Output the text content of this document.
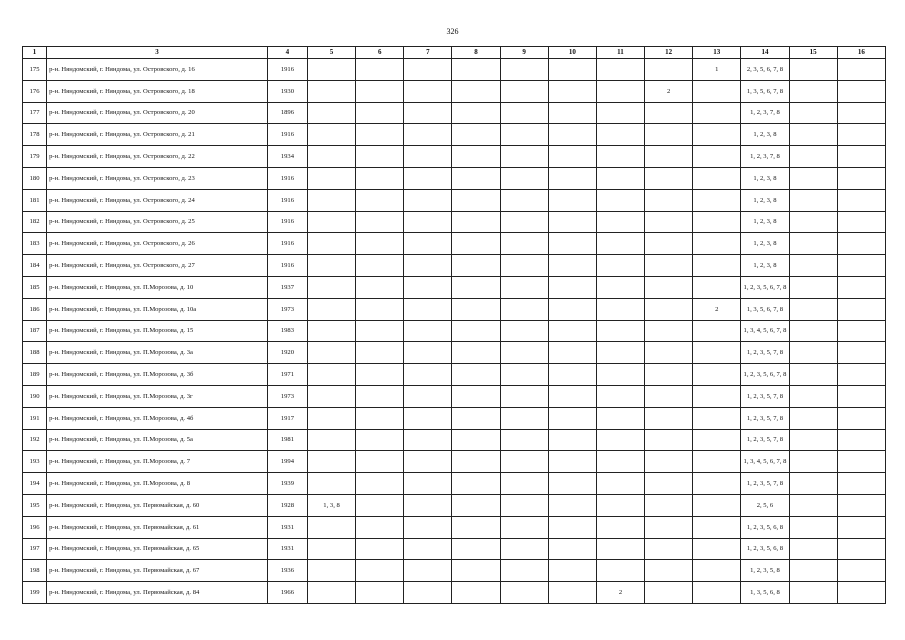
326
1	3	4	5	6	7	8	9	10	11	12	13	14	15	16
175	р-н. Няндомский, г. Няндома, ул. Островского, д. 16	1916									1	2, 3, 5, 6, 7, 8		
176	р-н. Няндомский, г. Няндома, ул. Островского, д. 18	1930								2		1, 3, 5, 6, 7, 8		
177	р-н. Няндомский, г. Няндома, ул. Островского, д. 20	1896										1, 2, 3, 7, 8		
178	р-н. Няндомский, г. Няндома, ул. Островского, д. 21	1916										1, 2, 3, 8		
179	р-н. Няндомский, г. Няндома, ул. Островского, д. 22	1934										1, 2, 3, 7, 8		
180	р-н. Няндомский, г. Няндома, ул. Островского, д. 23	1916										1, 2, 3, 8		
181	р-н. Няндомский, г. Няндома, ул. Островского, д. 24	1916										1, 2, 3, 8		
182	р-н. Няндомский, г. Няндома, ул. Островского, д. 25	1916										1, 2, 3, 8		
183	р-н. Няндомский, г. Няндома, ул. Островского, д. 26	1916										1, 2, 3, 8		
184	р-н. Няндомский, г. Няндома, ул. Островского, д. 27	1916										1, 2, 3, 8		
185	р-н. Няндомский, г. Няндома, ул. П.Морозова, д. 10	1937										1, 2, 3, 5, 6, 7, 8		
186	р-н. Няндомский, г. Няндома, ул. П.Морозова, д. 10а	1973									2	1, 3, 5, 6, 7, 8		
187	р-н. Няндомский, г. Няндома, ул. П.Морозова, д. 15	1983										1, 3, 4, 5, 6, 7, 8		
188	р-н. Няндомский, г. Няндома, ул. П.Морозова, д. 3а	1920										1, 2, 3, 5, 7, 8		
189	р-н. Няндомский, г. Няндома, ул. П.Морозова, д. 3б	1971										1, 2, 3, 5, 6, 7, 8		
190	р-н. Няндомский, г. Няндома, ул. П.Морозова, д. 3г	1973										1, 2, 3, 5, 7, 8		
191	р-н. Няндомский, г. Няндома, ул. П.Морозова, д. 4б	1917										1, 2, 3, 5, 7, 8		
192	р-н. Няндомский, г. Няндома, ул. П.Морозова, д. 5а	1981										1, 2, 3, 5, 7, 8		
193	р-н. Няндомский, г. Няндома, ул. П.Морозова, д. 7	1994										1, 3, 4, 5, 6, 7, 8		
194	р-н. Няндомский, г. Няндома, ул. П.Морозова, д. 8	1939										1, 2, 3, 5, 7, 8		
195	р-н. Няндомский, г. Няндома, ул. Первомайская, д. 60	1928	1, 3, 8									2, 5, 6		
196	р-н. Няндомский, г. Няндома, ул. Первомайская, д. 61	1931										1, 2, 3, 5, 6, 8		
197	р-н. Няндомский, г. Няндома, ул. Первомайская, д. 65	1931										1, 2, 3, 5, 6, 8		
198	р-н. Няндомский, г. Няндома, ул. Первомайская, д. 67	1936										1, 2, 3, 5, 8		
199	р-н. Няндомский, г. Няндома, ул. Первомайская, д. 84	1966							2			1, 3, 5, 6, 8		
